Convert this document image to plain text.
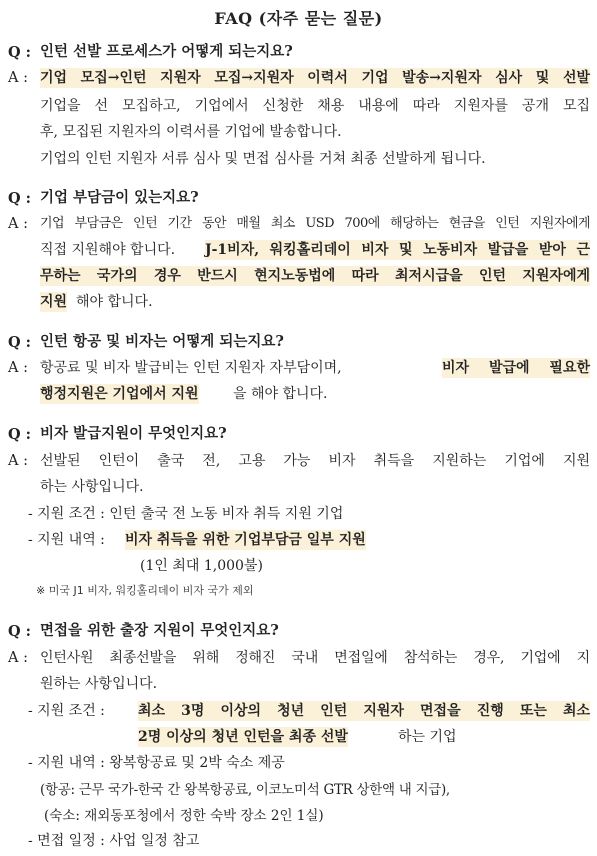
FAQ (자주 묻는 질문)
Q : 인턴 선발 프로세스가 어떻게 되는지요?
A : 기업 모집→인턴 지원자 모집→지원자 이력서 기업 발송→지원자 심사 및 선발
기업을 선 모집하고, 기업에서 신청한 채용 내용에 따라 지원자를 공개 모집
후, 모집된 지원자의 이력서를 기업에 발송합니다.
기업의 인턴 지원자 서류 심사 및 면접 심사를 거쳐 최종 선발하게 됩니다.
Q : 기업 부담금이 있는지요?
A : 기업 부담금은 인턴 기간 동안 매월 최소 USD 700에 해당하는 현금을 인턴 지원자에게
직접 지원해야 합니다. J-1비자, 워킹홀리데이 비자 및 노동비자 발급을 받아 근
무하는 국가의 경우 반드시 현지노동법에 따라 최저시급을 인턴 지원자에게
지원 해야 합니다.
Q : 인턴 항공 및 비자는 어떻게 되는지요?
A : 항공료 및 비자 발급비는 인턴 지원자 자부담이며,	비자 발급에 필요한
행정지원은 기업에서 지원 을 해야 합니다.
Q : 비자 발급지원이 무엇인지요?
A : 선발된 인턴이 출국 전, 고용 가능 비자 취득을 지원하는 기업에 지원
하는 사항입니다.
- 지원 조건 : 인턴 출국 전 노동 비자 취득 지원 기업
- 지원 내역 : 비자 취득을 위한 기업부담금 일부 지원
(1인 최대 1,000불)
※ 미국 J1 비자, 워킹홀리데이 비자 국가 제외
Q : 면접을 위한 출장 지원이 무엇인지요?
A : 인턴사원 최종선발을 위해 정해진 국내 면접일에 참석하는 경우, 기업에 지
원하는 사항입니다.
- 지원 조건 : 최소 3명 이상의 청년 인턴 지원자 면접을 진행 또는 최소
2명 이상의 청년 인턴을 최종 선발	하는 기업
- 지원 내역 : 왕복항공료 및 2박 숙소 제공
(항공: 근무 국가-한국 간 왕복항공료, 이코노미석 GTR 상한액 내 지급),
(숙소: 재외동포청에서 정한 숙박 장소 2인 1실)
- 면접 일정 : 사업 일정 참고
